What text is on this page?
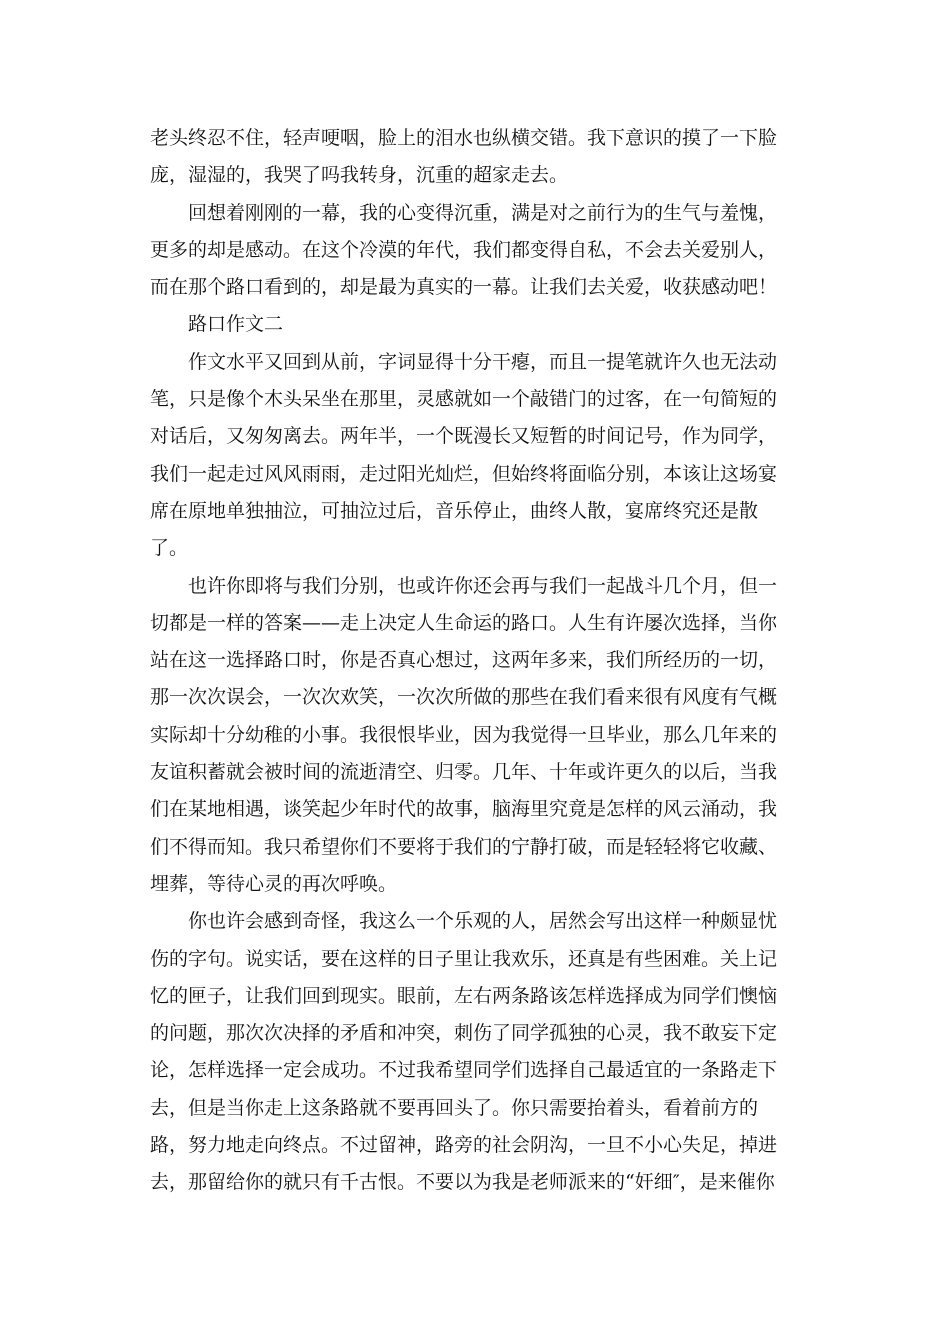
老头终忍不住，轻声哽咽，脸上的泪水也纵横交错。我下意识的摸了一下脸
庞，湿湿的，我哭了吗我转身，沉重的超家走去。
回想着刚刚的一幕，我的心变得沉重，满是对之前行为的生气与羞愧，
更多的却是感动。在这个冷漠的年代，我们都变得自私，不会去关爱别人，
而在那个路口看到的，却是最为真实的一幕。让我们去关爱，收获感动吧！
路口作文二
作文水平又回到从前，字词显得十分干瘪，而且一提笔就许久也无法动
笔，只是像个木头呆坐在那里，灵感就如一个敲错门的过客，在一句简短的
对话后，又匆匆离去。两年半，一个既漫长又短暂的时间记号，作为同学，
我们一起走过风风雨雨，走过阳光灿烂，但始终将面临分别，本该让这场宴
席在原地单独抽泣，可抽泣过后，音乐停止，曲终人散，宴席终究还是散
了。
也许你即将与我们分别，也或许你还会再与我们一起战斗几个月，但一
切都是一样的答案——走上决定人生命运的路口。人生有许屡次选择，当你
站在这一选择路口时，你是否真心想过，这两年多来，我们所经历的一切，
那一次次误会，一次次欢笑，一次次所做的那些在我们看来很有风度有气概
实际却十分幼稚的小事。我很恨毕业，因为我觉得一旦毕业，那么几年来的
友谊积蓄就会被时间的流逝清空、归零。几年、十年或许更久的以后，当我
们在某地相遇，谈笑起少年时代的故事，脑海里究竟是怎样的风云涌动，我
们不得而知。我只希望你们不要将于我们的宁静打破，而是轻轻将它收藏、
埋葬，等待心灵的再次呼唤。
你也许会感到奇怪，我这么一个乐观的人，居然会写出这样一种颇显忧
伤的字句。说实话，要在这样的日子里让我欢乐，还真是有些困难。关上记
忆的匣子，让我们回到现实。眼前，左右两条路该怎样选择成为同学们懊恼
的问题，那次次决择的矛盾和冲突，刺伤了同学孤独的心灵，我不敢妄下定
论，怎样选择一定会成功。不过我希望同学们选择自己最适宜的一条路走下
去，但是当你走上这条路就不要再回头了。你只需要抬着头，看着前方的
路，努力地走向终点。不过留神，路旁的社会阴沟，一旦不小心失足，掉进
去，那留给你的就只有千古恨。不要以为我是老师派来的“奸细″，是来催你
